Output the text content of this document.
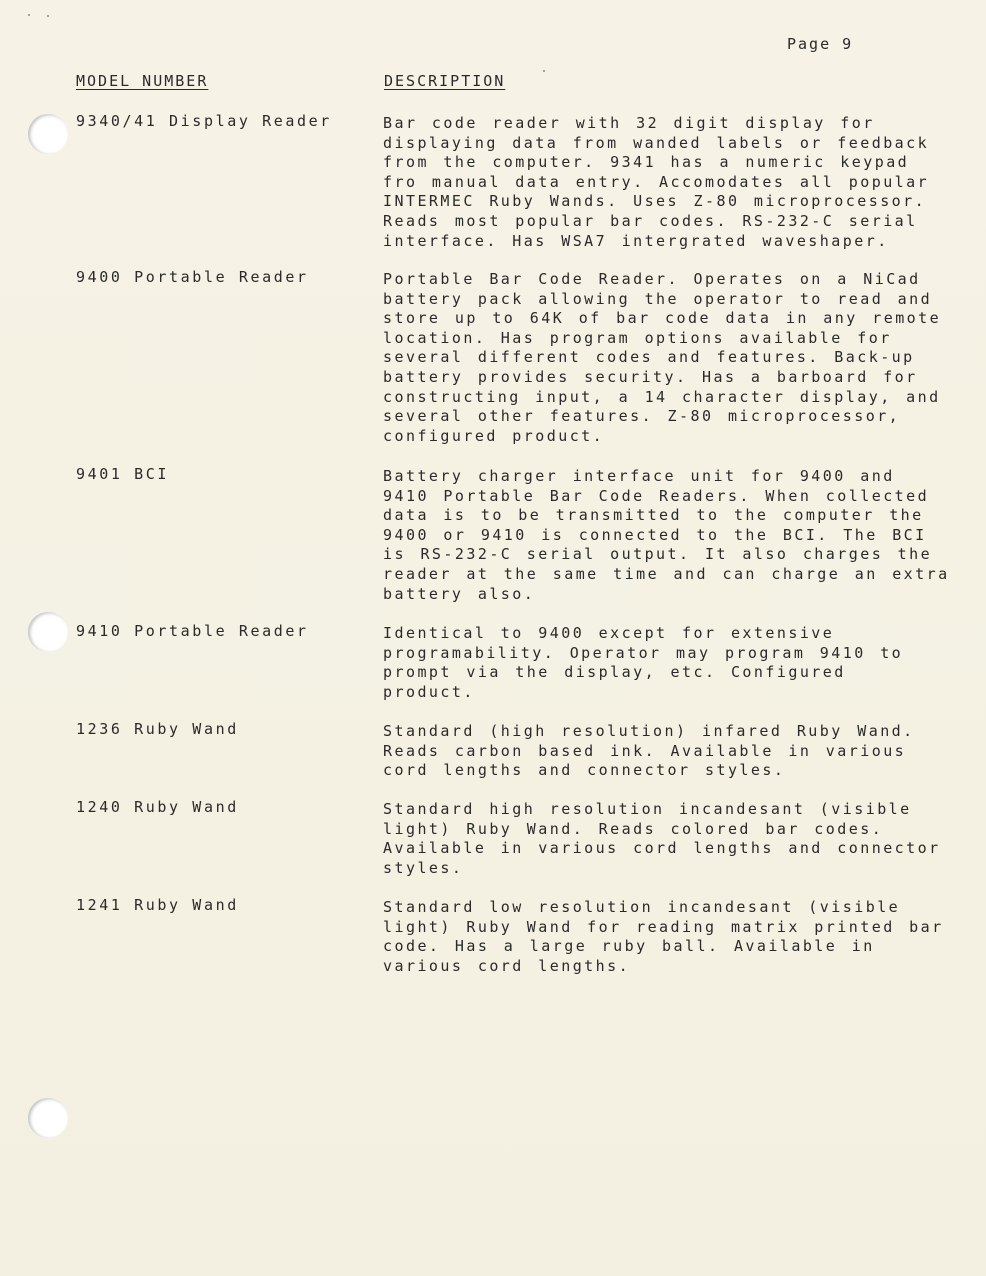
Page 9
MODEL NUMBER	DESCRIPTION
9340/41 Display Reader	Bar code reader with 32 digit display for
displaying data from wanded labels or feedback
from the computer. 9341 has a numeric keypad
fro manual data entry. Accomodates all popular
INTERMEC Ruby Wands. Uses Z-80 microprocessor.
Reads most popular bar codes. RS-232-C serial
interface. Has WSA7 intergrated waveshaper.
9400 Portable Reader	Portable Bar Code Reader. Operates on a NiCad
battery pack allowing the operator to read and
store up to 64K of bar code data in any remote
location. Has program options available for
several different codes and features. Back-up
battery provides security. Has a barboard for
constructing input, a 14 character display, and
several other features. Z-80 microprocessor,
configured product.
9401 BCI	Battery charger interface unit for 9400 and
9410 Portable Bar Code Readers. When collected
data is to be transmitted to the computer the
9400 or 9410 is connected to the BCI. The BCI
is RS-232-C serial output. It also charges the
reader at the same time and can charge an extra
battery also.
9410 Portable Reader	Identical to 9400 except for extensive
programability. Operator may program 9410 to
prompt via the display, etc. Configured
product.
1236 Ruby Wand	Standard (high resolution) infared Ruby Wand.
Reads carbon based ink. Available in various
cord lengths and connector styles.
1240 Ruby Wand	Standard high resolution incandesant (visible
light) Ruby Wand. Reads colored bar codes.
Available in various cord lengths and connector
styles.
1241 Ruby Wand	Standard low resolution incandesant (visible
light) Ruby Wand for reading matrix printed bar
code. Has a large ruby ball. Available in
various cord lengths.
